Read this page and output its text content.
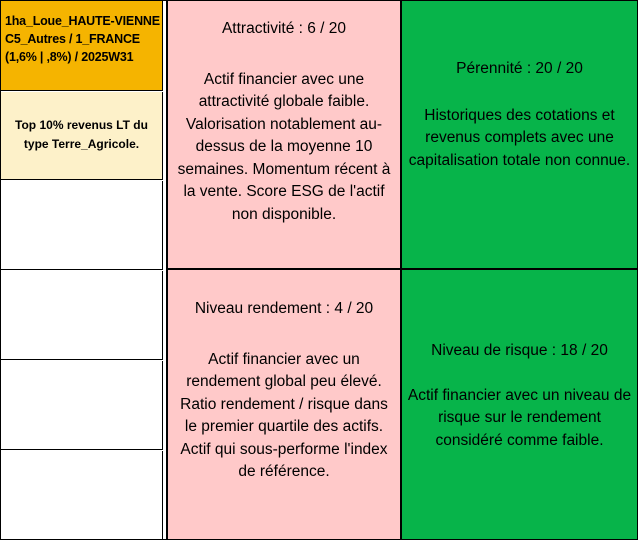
1ha_Loue_HAUTE-VIENNE
C5_Autres / 1_FRANCE
(1,6% | ,8%) / 2025W31
Top 10% revenus LT du type Terre_Agricole.
Attractivité : 6 / 20
Actif financier avec une attractivité globale faible. Valorisation notablement au-dessus de la moyenne 10 semaines. Momentum récent à la vente. Score ESG de l'actif non disponible.
Pérennité : 20 / 20
Historiques des cotations et revenus complets avec une capitalisation totale non connue.
Niveau rendement : 4 / 20
Actif financier avec un rendement global peu élevé. Ratio rendement / risque dans le premier quartile des actifs. Actif qui sous-performe l'index de référence.
Niveau de risque : 18 / 20
Actif financier avec un niveau de risque sur le rendement considéré comme faible.
